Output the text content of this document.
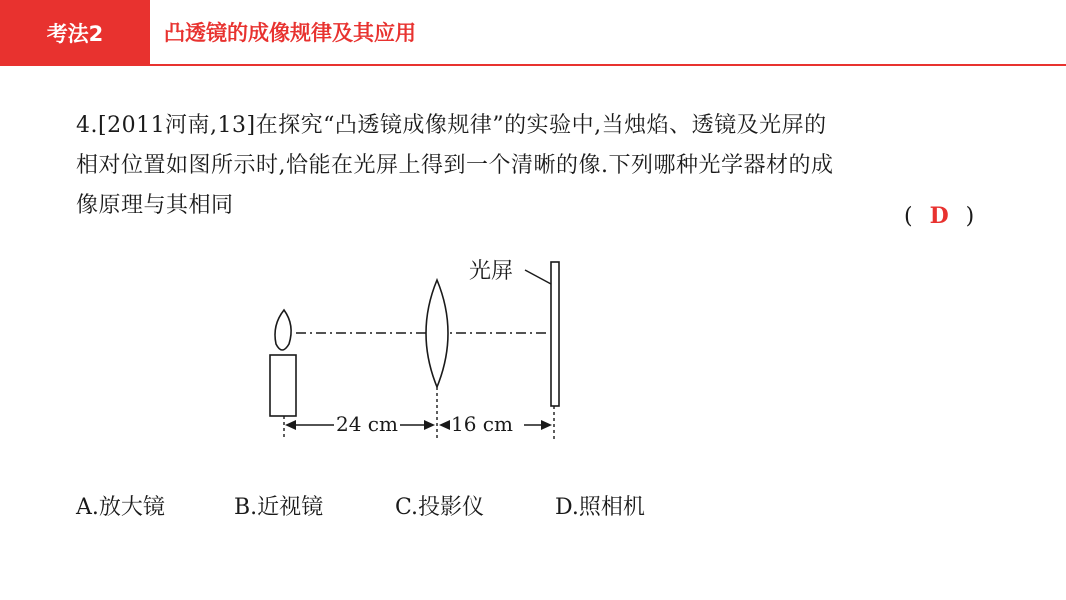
考法2	凸透镜的成像规律及其应用
4.[2011河南,13]在探究“凸透镜成像规律”的实验中,当烛焰、透镜及光屏的
相对位置如图所示时,恰能在光屏上得到一个清晰的像.下列哪种光学器材的成
像原理与其相同	( D )
光屏
24 cm	16 cm
A.放大镜	B.近视镜	C.投影仪	D.照相机
